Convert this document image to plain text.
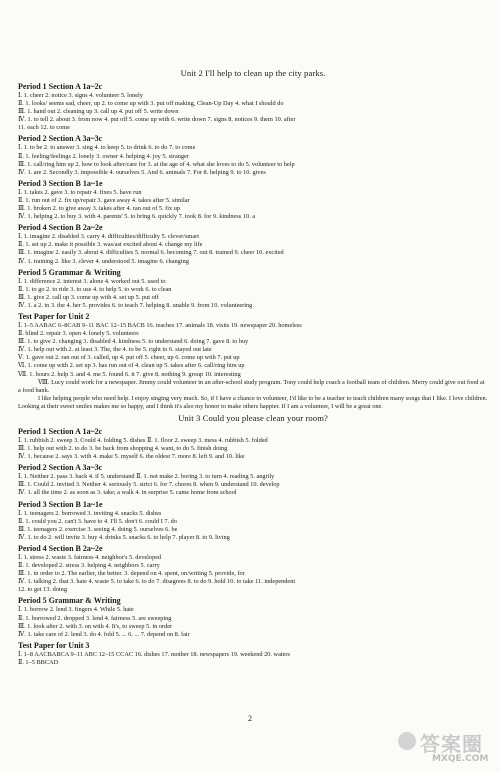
Unit 2 I'll help to clean up the city parks.
Period 1 Section A 1a~2c
Ⅰ. 1. cheer 2. notice 3. signs 4. volunteer 5. lonely
Ⅱ. 1. looks/ seems sad, cheer, up 2. to come up with 3. put off making, Clean-Up Day 4. what I should do
Ⅲ. 1. hand out 2. cleaning up 3. call up 4. put off 5. write down
Ⅳ. 1. to tell 2. about 3. from now 4. put off 5. come up with 6. write down 7. signs 8. notices 9. them 10. after
11. each 12. to come
Period 2 Section A 3a~3c
Ⅰ. 1. to be 2. to answer 3. sing 4. to keep 5. to drink 6. to do 7. to come
Ⅱ. 1. feeling/feelings 2. lonely 3. owner 4. helping 4. joy 5. stranger
Ⅲ. 1. call/ring him up 2. how to look after/care for 3. at the age of 4. what she loves to do 5. volunteer to help
Ⅳ. 1. are 2. Secondly 3. impossible 4. ourselves 5. And 6. animals 7. For 8. helping 9. to 10. gives
Period 3 Section B 1a~1e
Ⅰ. 1. takes 2. gave 3. to repair 4. fixes 5. have run
Ⅱ. 1. run out of 2. fix up/repair 3. gave away 4. takes after 5. similar
Ⅲ. 1. broken 2. to give away 3. takes after 4. ran out of 5. fix up
Ⅳ. 1. helping 2. to buy 3. with 4. parents' 5. to bring 6. quickly 7. took 8. for 9. kindness 10. a
Period 4 Section B 2a~2e
Ⅰ. 1. imagine 2. disabled 3. carry 4. difficulties/difficulty 5. clever/smart
Ⅱ. 1. set up 2. make it possible 3. was/ast excited about 4. change my life
Ⅲ. 1. imagine 2. easily 3. about 4. difficulties 5. normal 6. becoming 7. out 8. trained 9. cheer 10. excited
Ⅳ. 1. training 2. like 3. clever 4. understood 5. imagine 6. changing
Period 5 Grammar & Writing
Ⅰ. 1. difference 2. interest 3. alone 4. worked out 5. used to
Ⅱ. 1. to go 2. to ride 3. to use 4. to help 5. to work 6. to clean
Ⅲ. 1. give 2. call up 3. come up with 4. set up 5. put off
Ⅳ. 1. a 2. in 3. the 4. her 5. provides 6. to teach 7. helping 8. unable 9. from 10. volunteering
Test Paper for Unit 2
Ⅰ. 1–5 AABAC 6–8CAB 9–11 BAC 12–15 BACB 16. teaches 17. animals 18. visits 19. newspaper 20. homeless
Ⅱ. blind 2. repair 3. open 4. lonely 5. volunteers
Ⅲ. 1. to give 2. changing 3. disabled 4. kindness 5. to understand 6. doing 7. gave 8. to buy
Ⅳ. 1. help out with 2. at least 3. The, the 4. to be 5. right to 6. stayed out late
Ⅴ. 1. gave out 2. ran out of 3. called, up 4. put off 5. cheer, up 6. come up with 7. put up
Ⅵ. 1. come up with 2. set up 3. has run out of 4. clean up 5. takes after 6. call/ring him up
Ⅶ. 1. hours 2. help 3. and 4. me 5. found 6. it 7. give 8. nothing 9. group 10. interesting
Ⅷ. Lucy could work for a newspaper. Jimmy could volunteer in an after-school study program. Tony could help coach a football team of children. Merry could give out food at a food bank.
I like helping people who need help. I enjoy singing very much. So, if I have a chance to volunteer, I'd like to be a teacher to teach children many songs that I like. I love children. Looking at their sweet smiles makes me so happy, and I think it's also my honor to make others happier. If I am a volunteer, I will be a great one.
Unit 3 Could you please clean your room?
Period 1 Section A 1a~2c
Ⅰ. 1. rubbish 2. sweep 3. Could 4. folding 5. dishes Ⅱ. 1. floor 2. sweep 3. mess 4. rubbish 5. folded
Ⅲ. 1. help out with 2. to do 3. be back from shopping 4. want, to do 5. finish doing
Ⅳ. 1. because 2. says 3. with 4. make 5. myself 6. the oldest 7. more 8. left 9. and 10. like
Period 2 Section A 3a~3c
Ⅰ. 1. Neither 2. pass 3. back 4. if 5. understand Ⅱ. 1. not make 2. boring 3. to turn 4. reading 5. angrily
Ⅲ. 1. Could 2. invited 3. Neither 4. seriously 5. strict 6. for 7. chores 8. when 9. understand 10. develop
Ⅳ. 1. all the time 2. as soon as 3. take; a walk 4. in surprise 5. came home from school
Period 3 Section B 1a~1e
Ⅰ. 1. teenagers 2. borrowed 3. inviting 4. snacks 5. dishes
Ⅱ. 1. could you 2. can't 3. have to 4. I'll 5. don't 6. could I 7. do
Ⅲ. 1. teenagers 2. exercise 3. seeing 4. doing 5. ourselves 6. be
Ⅳ. 1. to do 2. will invite 3. buy 4. drinks 5. snacks 6. to help 7. player 8. to 9. living
Period 4 Section B 2a~2e
Ⅰ. 1. stress 2. waste 3. fairness 4. neighbor's 5. developed
Ⅱ. 1. developed 2. stress 3. helping 4. neighbors 5. carry
Ⅲ. 1. in order to 2. The earlier, the better. 3. depend on 4. spent, on/writing 5. provide, for
Ⅳ. 1. talking 2. that 3. hate 4. waste 5. to take 6. to do 7. disagrees 8. to do 9. hold 10. to take 11. independent
12. to get 13. doing
Period 5 Grammar & Writing
Ⅰ. 1. borrow 2. lend 3. fingers 4. While 5. hate
Ⅱ. 1. borrowed 2. dropped 3. lend 4. fairness 5. are sweeping
Ⅲ. 1. look after 2. with 3. on with 4. It's, to sweep 5. in order
Ⅳ. 1. take care of 2. lend 3. do 4. fold 5. ... 6. ... 7. depend on 8. fair
Test Paper for Unit 3
Ⅰ. 1–8 AACBABCA 9–11 ABC 12–15 CCAC 16. dishes 17. mother 18. newspapers 19. weekend 20. waters
Ⅱ. 1–5 BBCAD
2
答案圈
MXQE.COM
